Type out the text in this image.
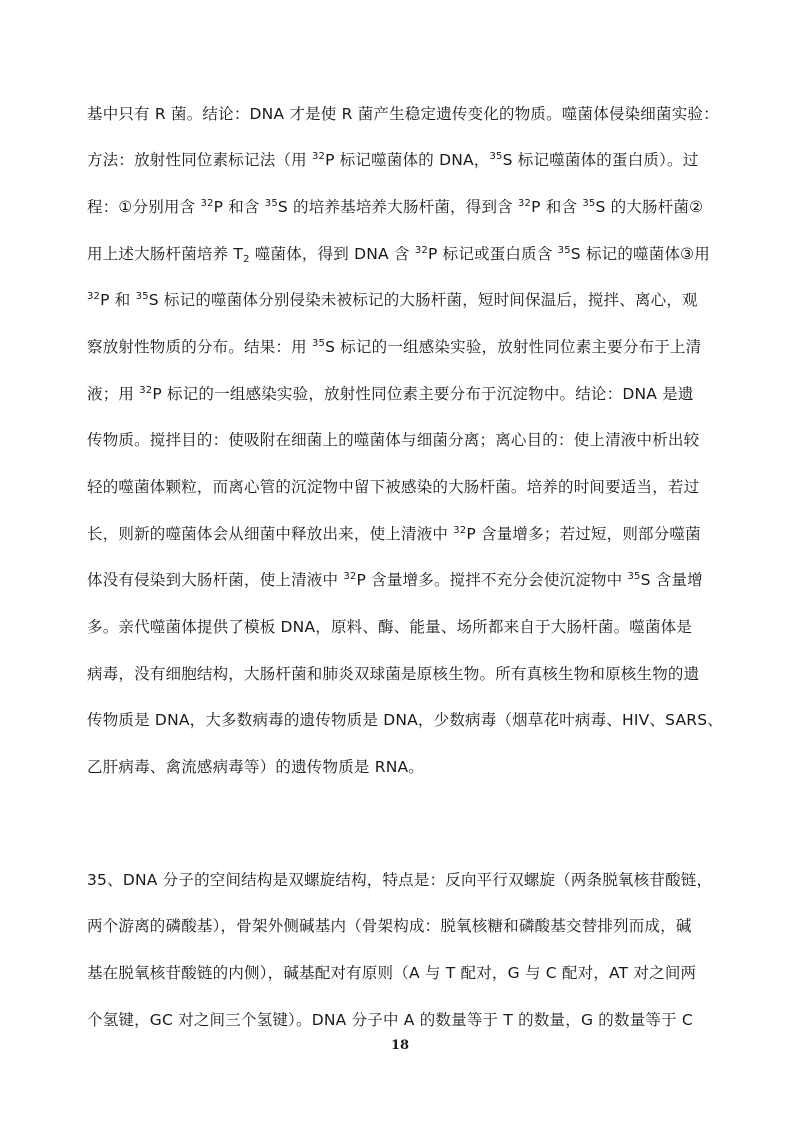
基中只有 R 菌。结论：DNA 才是使 R 菌产生稳定遗传变化的物质。噬菌体侵染细菌实验：
方法：放射性同位素标记法（用 $^{32}$P 标记噬菌体的 DNA，$^{35}$S 标记噬菌体的蛋白质）。过
程：①分别用含 $^{32}$P 和含 $^{35}$S 的培养基培养大肠杆菌，得到含 $^{32}$P 和含 $^{35}$S 的大肠杆菌②
用上述大肠杆菌培养 $T_2$ 噬菌体，得到 DNA 含 $^{32}$P 标记或蛋白质含 $^{35}$S 标记的噬菌体③用
$^{32}$P 和 $^{35}$S 标记的噬菌体分别侵染未被标记的大肠杆菌，短时间保温后，搅拌、离心，观
察放射性物质的分布。结果：用 $^{35}$S 标记的一组感染实验，放射性同位素主要分布于上清
液；用 $^{32}$P 标记的一组感染实验，放射性同位素主要分布于沉淀物中。结论：DNA 是遗
传物质。搅拌目的：使吸附在细菌上的噬菌体与细菌分离；离心目的：使上清液中析出较
轻的噬菌体颗粒，而离心管的沉淀物中留下被感染的大肠杆菌。培养的时间要适当，若过
长，则新的噬菌体会从细菌中释放出来，使上清液中 $^{32}$P 含量增多；若过短，则部分噬菌
体没有侵染到大肠杆菌，使上清液中 $^{32}$P 含量增多。搅拌不充分会使沉淀物中 $^{35}$S 含量增
多。亲代噬菌体提供了模板 DNA，原料、酶、能量、场所都来自于大肠杆菌。噬菌体是
病毒，没有细胞结构，大肠杆菌和肺炎双球菌是原核生物。所有真核生物和原核生物的遗
传物质是 DNA，大多数病毒的遗传物质是 DNA，少数病毒（烟草花叶病毒、HIV、SARS、
乙肝病毒、禽流感病毒等）的遗传物质是 RNA。
35、DNA 分子的空间结构是双螺旋结构，特点是：反向平行双螺旋（两条脱氧核苷酸链，
两个游离的磷酸基），骨架外侧碱基内（骨架构成：脱氧核糖和磷酸基交替排列而成，碱
基在脱氧核苷酸链的内侧），碱基配对有原则（A 与 T 配对，G 与 C 配对，AT 对之间两
个氢键，GC 对之间三个氢键）。DNA 分子中 A 的数量等于 T 的数量，G 的数量等于 C
18
